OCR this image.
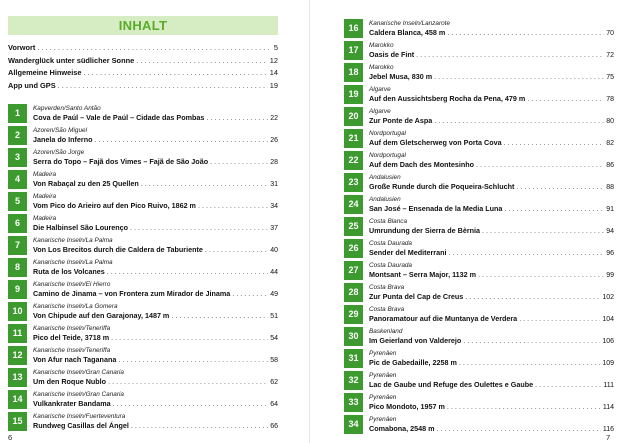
INHALT
Vorwort . . .	5
Wanderglück unter südlicher Sonne . . .	12
Allgemeine Hinweise . . .	14
App und GPS . . .	19
1	Kapverden/Santo Antão
Cova de Paúl – Vale de Paúl – Cidade das Pombas . . .	22
2	Azoren/São Miguel
Janela do Inferno . . .	26
3	Azoren/São Jorge
Serra do Topo – Fajã dos Vimes – Fajã de São João . . .	28
4	Madeira
Von Rabaçal zu den 25 Quellen . . .	31
5	Madeira
Vom Pico do Arieiro auf den Pico Ruivo, 1862 m . . .	34
6	Madeira
Die Halbinsel São Lourenço . . .	37
7	Kanarische Inseln/La Palma
Von Los Brecitos durch die Caldera de Taburiente . . .	40
8	Kanarische Inseln/La Palma
Ruta de los Volcanes . . .	44
9	Kanarische Inseln/El Hierro
Camino de Jinama – von Frontera zum Mirador de Jinama . . .	49
10	Kanarische Inseln/La Gomera
Von Chipude auf den Garajonay, 1487 m . . .	51
11	Kanarische Inseln/Teneriffa
Pico del Teide, 3718 m . . .	54
12	Kanarische Inseln/Teneriffa
Von Afur nach Taganana . . .	58
13	Kanarische Inseln/Gran Canaria
Um den Roque Nublo . . .	62
14	Kanarische Inseln/Gran Canaria
Vulkankrater Bandama . . .	64
15	Kanarische Inseln/Fuerteventura
Rundweg Casillas del Ángel . . .	66
6
16	Kanarische Inseln/Lanzarote
Caldera Blanca, 458 m . . .	70
17	Marokko
Oasis de Fint . . .	72
18	Marokko
Jebel Musa, 830 m . . .	75
19	Algarve
Auf den Aussichtsberg Rocha da Pena, 479 m . . .	78
20	Algarve
Zur Ponte de Aspa . . .	80
21	Nordportugal
Auf dem Gletscherweg von Porta Cova . . .	82
22	Nordportugal
Auf dem Dach des Montesinho . . .	86
23	Andalusien
Große Runde durch die Poqueira-Schlucht . . .	88
24	Andalusien
San José – Ensenada de la Media Luna . . .	91
25	Costa Blanca
Umrundung der Sierra de Bèrnia . . .	94
26	Costa Daurada
Sender del Mediterrani . . .	96
27	Costa Daurada
Montsant – Serra Major, 1132 m . . .	99
28	Costa Brava
Zur Punta del Cap de Creus . . .	102
29	Costa Brava
Panoramatour auf die Muntanya de Verdera . . .	104
30	Baskenland
Im Geierland von Valderejo . . .	106
31	Pyrenäen
Pic de Gabedaille, 2258 m . . .	109
32	Pyrenäen
Lac de Gaube und Refuge des Oulettes e Gaube . . .	111
33	Pyrenäen
Pico Mondoto, 1957 m . . .	114
34	Pyrenäen
Comabona, 2548 m . . .	116
7
